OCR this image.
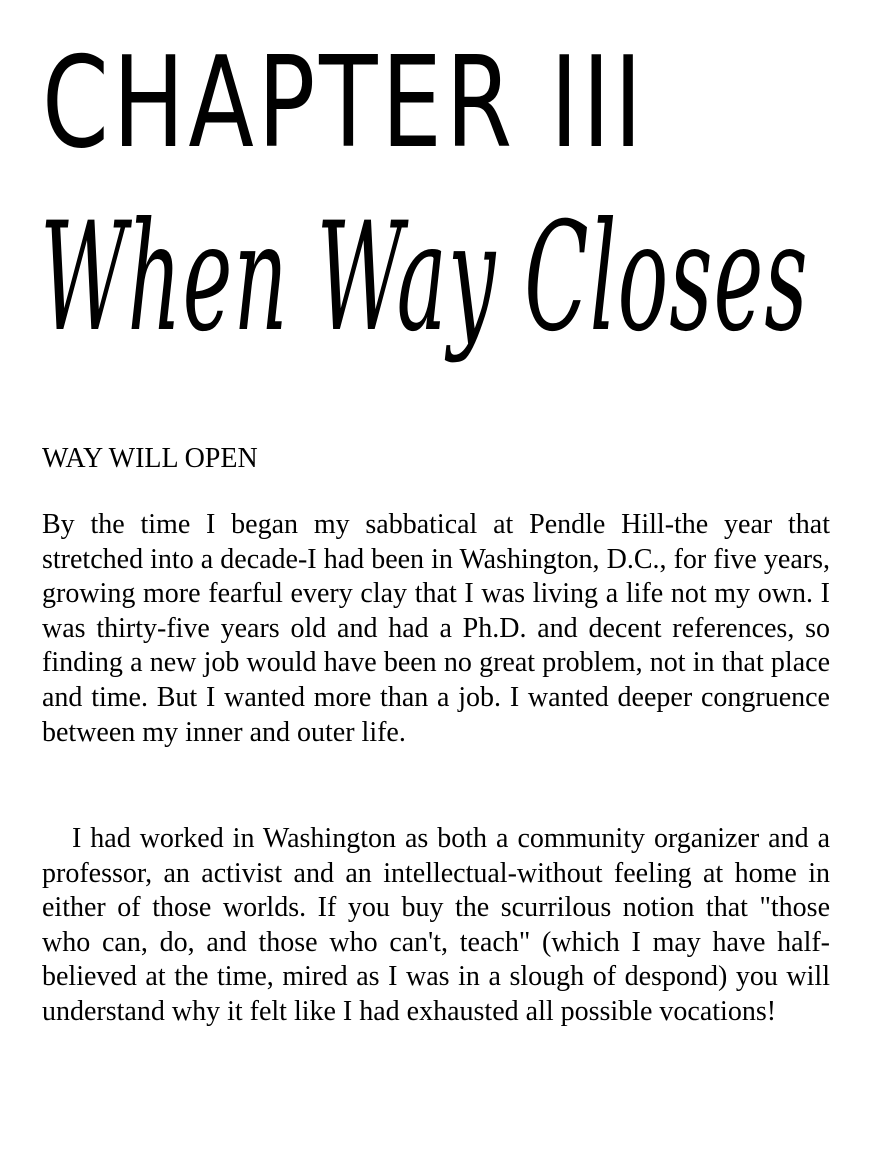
C H A P T E R
I I I
When Way Closes
WAY WILL OPEN

By the time I began my sabbatical at Pendle Hill-the year that stretched into a decade-I had been in Washington, D.C., for five years, growing more fearful every clay that I was living a life not my own. I was thirty-five years old and had a Ph.D. and decent references, so finding a new job would have been no great problem, not in that place and time. But I wanted more than a job. I wanted deeper congruence between my inner and outer life.

I had worked in Washington as both a community organizer and a professor, an activist and an intellectual-without feeling at home in either of those worlds. If you buy the scurrilous notion that "those who can, do, and those who can't, teach" (which I may have half-believed at the time, mired as I was in a slough of despond) you will understand why it felt like I had exhausted all possible vocations!
